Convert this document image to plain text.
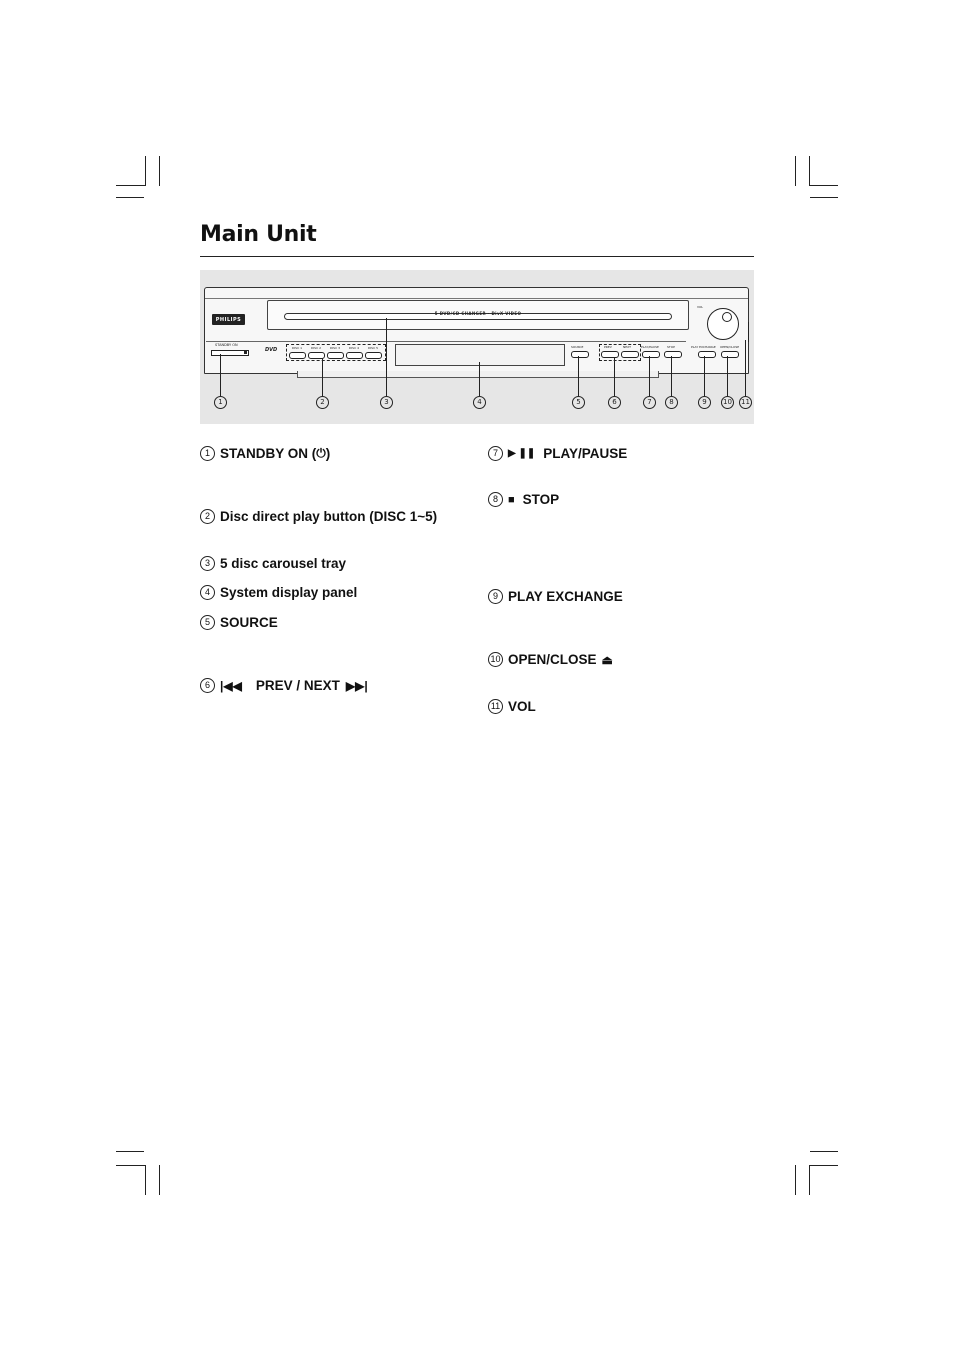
Main Unit
5 DVD/CD CHANGER · DivX VIDEO
PHILIPS
STANDBY ON
DVD	DISC 1	DISC 2	DISC 3	DISC 4	DISC 5	SOURCE	PREV	NEXT	PLAY/PAUSE	STOP	PLAY EXCHANGE OPEN/CLOSE
VOL
1	2	3	4	5	6	7	8	9	10 11
1 STANDBY ON ( ⏻ )
2 Disc direct play button (DISC 1~5)
3 5 disc carousel tray
4 System display panel
5 SOURCE
6 |◀◀ PREV / NEXT ▶▶|
7	▶ ❚❚ PLAY/PAUSE
8 ■ STOP
9 PLAY EXCHANGE
10 OPEN/CLOSE ⏏
11 VOL
